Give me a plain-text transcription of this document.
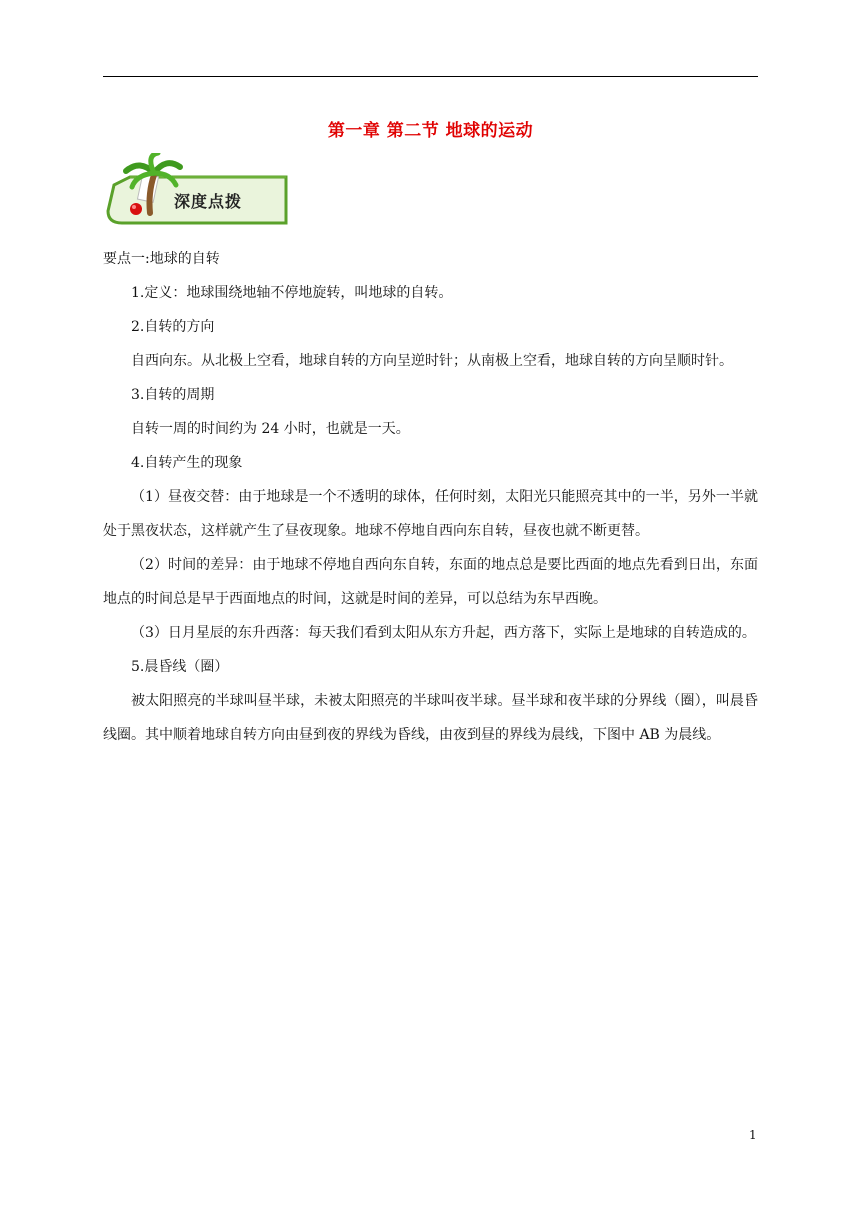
第一章 第二节 地球的运动
深度点拨

要点一:地球的自转

1.定义：地球围绕地轴不停地旋转，叫地球的自转。

2.自转的方向

自西向东。从北极上空看，地球自转的方向呈逆时针；从南极上空看，地球自转的方向呈顺时针。

3.自转的周期

自转一周的时间约为 24 小时，也就是一天。

4.自转产生的现象

（1）昼夜交替：由于地球是一个不透明的球体，任何时刻，太阳光只能照亮其中的一半，另外一半就处于黑夜状态，这样就产生了昼夜现象。地球不停地自西向东自转，昼夜也就不断更替。

（2）时间的差异：由于地球不停地自西向东自转，东面的地点总是要比西面的地点先看到日出，东面地点的时间总是早于西面地点的时间，这就是时间的差异，可以总结为东早西晚。

（3）日月星辰的东升西落：每天我们看到太阳从东方升起，西方落下，实际上是地球的自转造成的。

5.晨昏线（圈）

被太阳照亮的半球叫昼半球，未被太阳照亮的半球叫夜半球。昼半球和夜半球的分界线（圈），叫晨昏线圈。其中顺着地球自转方向由昼到夜的界线为昏线，由夜到昼的界线为晨线，下图中 AB 为晨线。

1
